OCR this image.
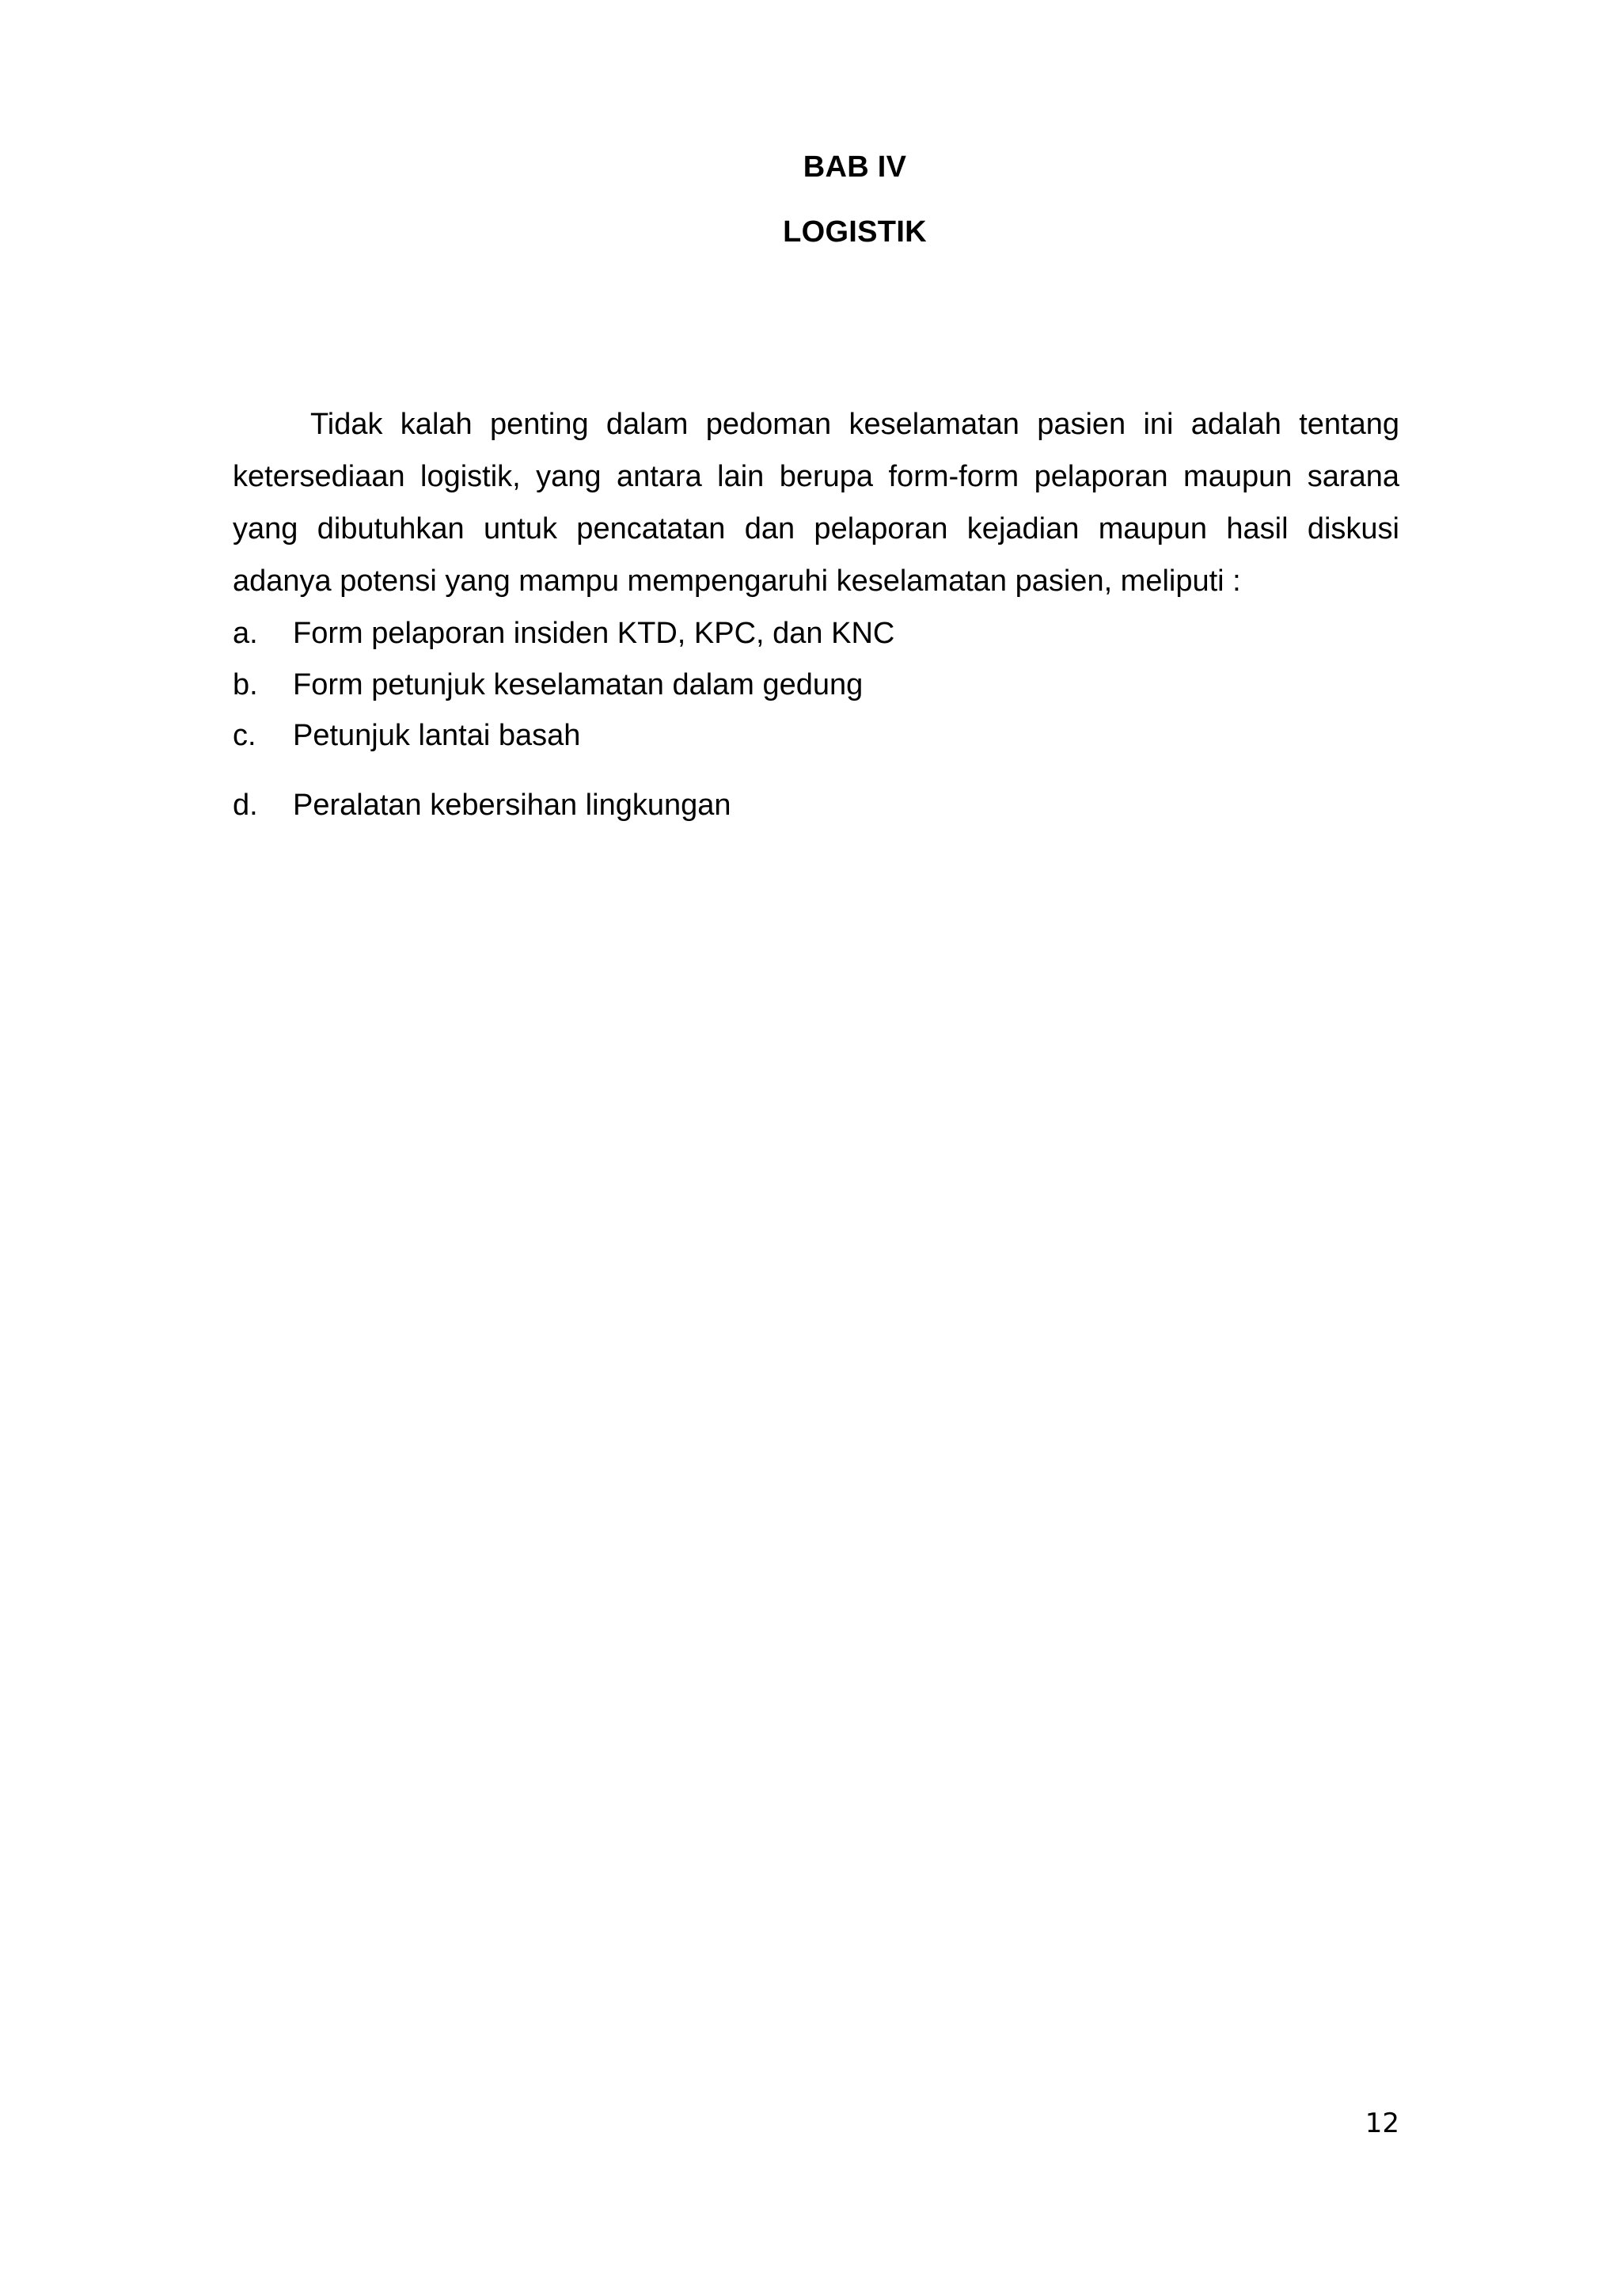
BAB IV
LOGISTIK

Tidak kalah penting dalam pedoman keselamatan pasien ini adalah tentang ketersediaan logistik, yang antara lain berupa form-form pelaporan maupun sarana yang dibutuhkan untuk pencatatan dan pelaporan kejadian maupun hasil diskusi adanya potensi yang mampu mempengaruhi keselamatan pasien, meliputi :

a.	Form pelaporan insiden KTD, KPC, dan KNC
b.	Form petunjuk keselamatan dalam gedung
c.	Petunjuk lantai basah
d.	Peralatan kebersihan lingkungan
12
